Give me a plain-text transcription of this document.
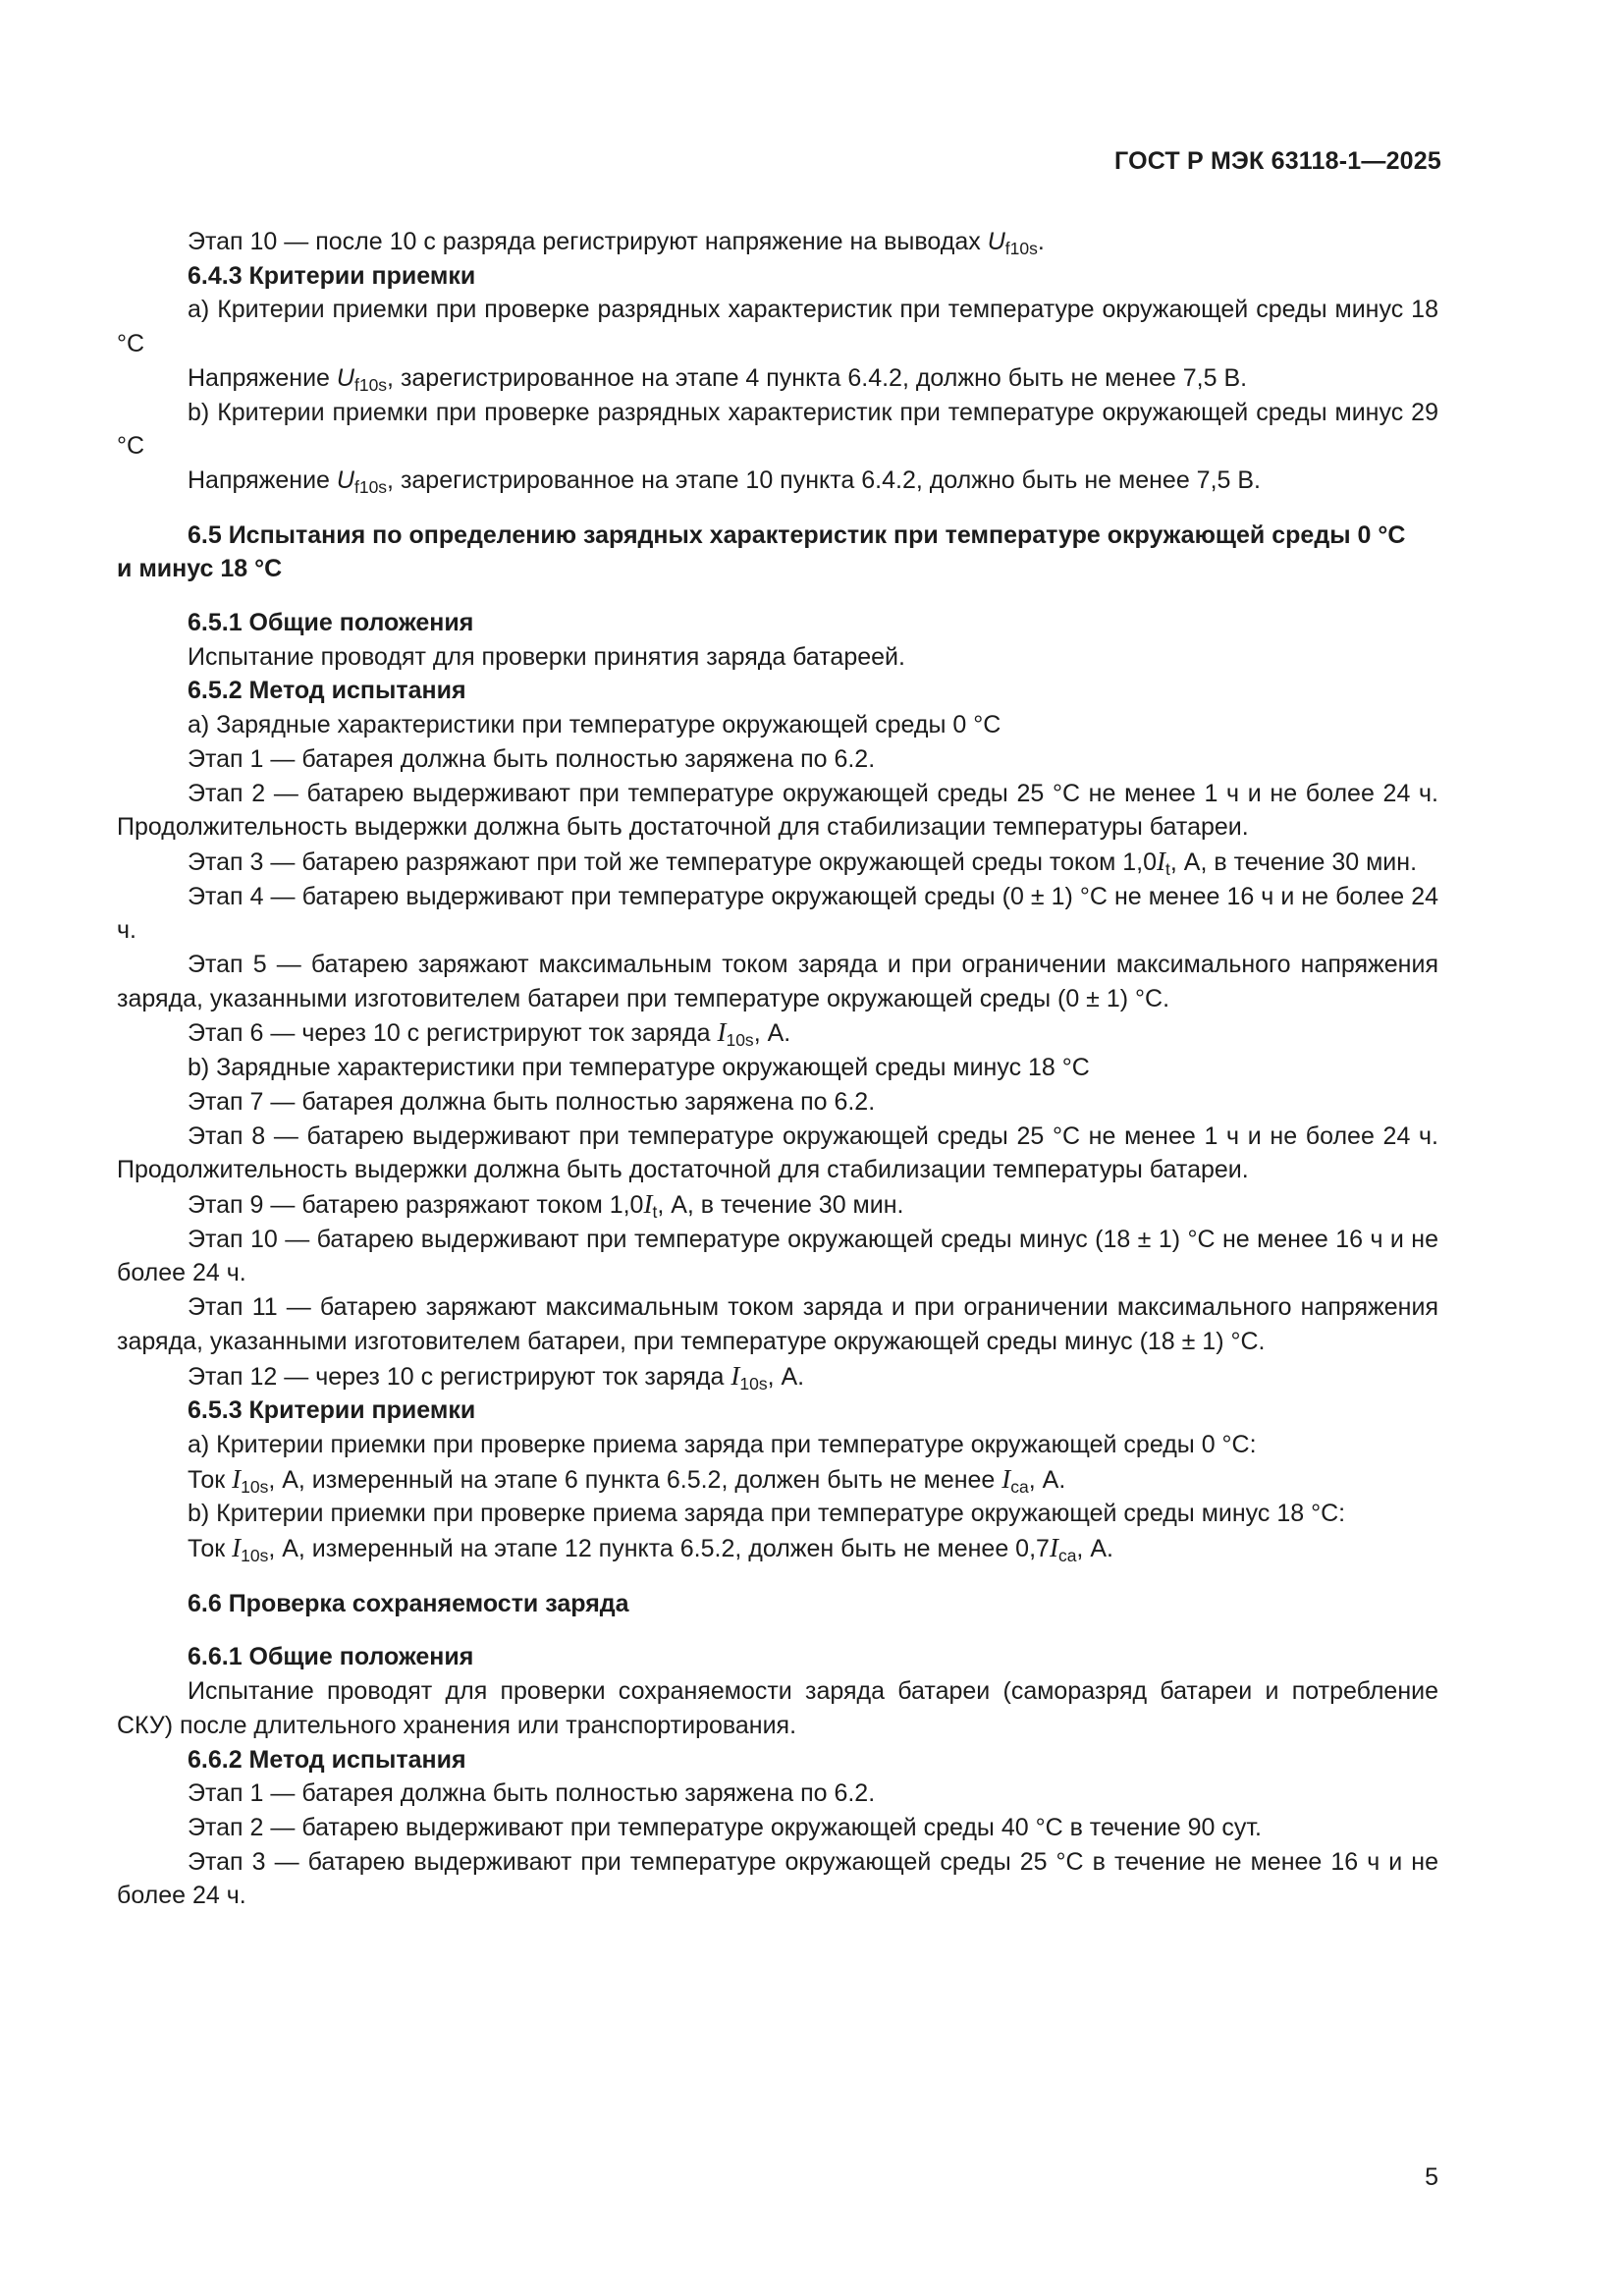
ГОСТ Р МЭК 63118-1—2025

Этап 10 — после 10 с разряда регистрируют напряжение на выводах $U_{f10s}$.

6.4.3 Критерии приемки

а) Критерии приемки при проверке разрядных характеристик при температуре окружающей среды минус 18 °С

Напряжение $U_{f10s}$, зарегистрированное на этапе 4 пункта 6.4.2, должно быть не менее 7,5 В.

b) Критерии приемки при проверке разрядных характеристик при температуре окружающей среды минус 29 °С

Напряжение $U_{f10s}$, зарегистрированное на этапе 10 пункта 6.4.2, должно быть не менее 7,5 В.

6.5 Испытания по определению зарядных характеристик при температуре окружающей среды 0 °С и минус 18 °С

6.5.1 Общие положения

Испытание проводят для проверки принятия заряда батареей.

6.5.2 Метод испытания

а) Зарядные характеристики при температуре окружающей среды 0 °С

Этап 1 — батарея должна быть полностью заряжена по 6.2.

Этап 2 — батарею выдерживают при температуре окружающей среды 25 °С не менее 1 ч и не более 24 ч. Продолжительность выдержки должна быть достаточной для стабилизации температуры батареи.

Этап 3 — батарею разряжают при той же температуре окружающей среды током $1,0I_t$, А, в течение 30 мин.

Этап 4 — батарею выдерживают при температуре окружающей среды (0 ± 1) °С не менее 16 ч и не более 24 ч.

Этап 5 — батарею заряжают максимальным током заряда и при ограничении максимального напряжения заряда, указанными изготовителем батареи при температуре окружающей среды (0 ± 1) °С.

Этап 6 — через 10 с регистрируют ток заряда $I_{10s}$, А.

b) Зарядные характеристики при температуре окружающей среды минус 18 °С

Этап 7 — батарея должна быть полностью заряжена по 6.2.

Этап 8 — батарею выдерживают при температуре окружающей среды 25 °С не менее 1 ч и не более 24 ч. Продолжительность выдержки должна быть достаточной для стабилизации температуры батареи.

Этап 9 — батарею разряжают током $1,0I_t$, А, в течение 30 мин.

Этап 10 — батарею выдерживают при температуре окружающей среды минус (18 ± 1) °С не менее 16 ч и не более 24 ч.

Этап 11 — батарею заряжают максимальным током заряда и при ограничении максимального напряжения заряда, указанными изготовителем батареи, при температуре окружающей среды минус (18 ± 1) °С.

Этап 12 — через 10 с регистрируют ток заряда $I_{10s}$, А.

6.5.3 Критерии приемки

а) Критерии приемки при проверке приема заряда при температуре окружающей среды 0 °С:

Ток $I_{10s}$, А, измеренный на этапе 6 пункта 6.5.2, должен быть не менее $I_{ca}$, А.

b) Критерии приемки при проверке приема заряда при температуре окружающей среды минус 18 °С:

Ток $I_{10s}$, А, измеренный на этапе 12 пункта 6.5.2, должен быть не менее $0,7I_{ca}$, А.

6.6 Проверка сохраняемости заряда

6.6.1 Общие положения

Испытание проводят для проверки сохраняемости заряда батареи (саморазряд батареи и потребление СКУ) после длительного хранения или транспортирования.

6.6.2 Метод испытания

Этап 1 — батарея должна быть полностью заряжена по 6.2.

Этап 2 — батарею выдерживают при температуре окружающей среды 40 °С в течение 90 сут.

Этап 3 — батарею выдерживают при температуре окружающей среды 25 °С в течение не менее 16 ч и не более 24 ч.

5
